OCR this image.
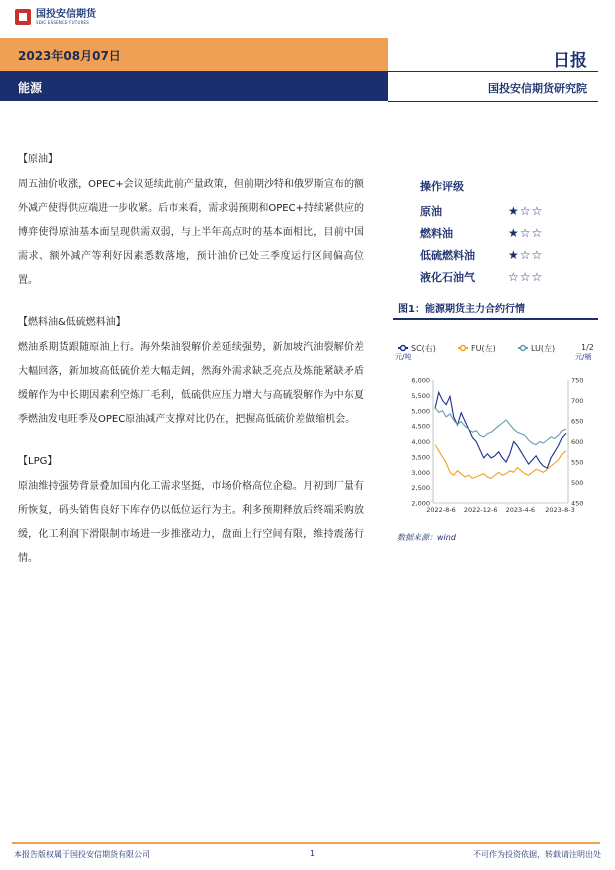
国投安信期货
SDIC ESSENCE FUTURES
2023年08月07日
能源
日报
国投安信期货研究院
【原油】
周五油价收涨，OPEC+会议延续此前产量政策，但前期沙特和俄罗斯宣布的额外减产使得供应端进一步收紧。后市来看，需求弱预期和OPEC+持续紧供应的博弈使得原油基本面呈现供需双弱，与上半年高点时的基本面相比，目前中国需求、额外减产等利好因素悉数落地，预计油价已处三季度运行区间偏高位置。
【燃料油&低硫燃料油】
燃油系期货跟随原油上行。海外柴油裂解价差延续强势，新加坡汽油裂解价差大幅回落，新加坡高低硫价差大幅走阔，然海外需求缺乏亮点及炼能紧缺矛盾缓解作为中长期因素利空炼厂毛利，低硫供应压力增大与高硫裂解作为中东夏季燃油发电旺季及OPEC原油减产支撑对比仍在，把握高低硫价差做缩机会。
【LPG】
原油维持强势背景叠加国内化工需求坚挺，市场价格高位企稳。月初到厂量有所恢复，码头销售良好下库存仍以低位运行为主。利多预期释放后终端采购放缓，化工利润下滑限制市场进一步推涨动力，盘面上行空间有限，维持震荡行情。
操作评级
原油	★☆☆
燃料油	★☆☆
低硫燃料油	★☆☆
液化石油气	☆☆☆
图1：能源期货主力合约行情
SC(右)	FU(左)	LU(左)	1/2
元/吨	元/桶
6,000
5,500
5,000
4,500
4,000
3,500
3,000
2,500
2,000
750
700
650
600
550
500
450
2022-8-6 2022-12-6 2023-4-6 2023-8-3
数据来源：wind
本报告版权属于国投安信期货有限公司	1	不可作为投资依据，转载请注明出处
